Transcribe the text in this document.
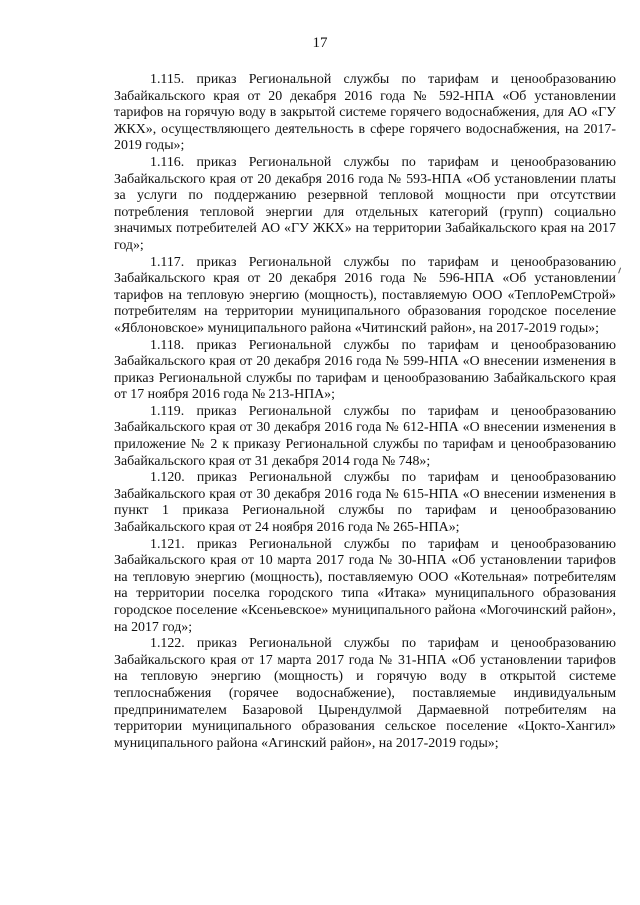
17

1.115. приказ Региональной службы по тарифам и ценообразованию Забайкальского края от 20 декабря 2016 года № 592-НПА «Об установлении тарифов на горячую воду в закрытой системе горячего водоснабжения, для АО «ГУ ЖКХ», осуществляющего деятельность в сфере горячего водоснабжения, на 2017-2019 годы»;

1.116. приказ Региональной службы по тарифам и ценообразованию Забайкальского края от 20 декабря 2016 года № 593-НПА «Об установлении платы за услуги по поддержанию резервной тепловой мощности при отсутствии потребления тепловой энергии для отдельных категорий (групп) социально значимых потребителей АО «ГУ ЖКХ» на территории Забайкальского края на 2017 год»;

1.117. приказ Региональной службы по тарифам и ценообразованию Забайкальского края от 20 декабря 2016 года № 596-НПА «Об установлении тарифов на тепловую энергию (мощность), поставляемую ООО «ТеплоРемСтрой» потребителям на территории муниципального образования городское поселение «Яблоновское» муниципального района «Читинский район», на 2017-2019 годы»;

1.118. приказ Региональной службы по тарифам и ценообразованию Забайкальского края от 20 декабря 2016 года № 599-НПА «О внесении изменения в приказ Региональной службы по тарифам и ценообразованию Забайкальского края от 17 ноября 2016 года № 213-НПА»;

1.119. приказ Региональной службы по тарифам и ценообразованию Забайкальского края от 30 декабря 2016 года № 612-НПА «О внесении изменения в приложение № 2 к приказу Региональной службы по тарифам и ценообразованию Забайкальского края от 31 декабря 2014 года № 748»;

1.120. приказ Региональной службы по тарифам и ценообразованию Забайкальского края от 30 декабря 2016 года № 615-НПА «О внесении изменения в пункт 1 приказа Региональной службы по тарифам и ценообразованию Забайкальского края от 24 ноября 2016 года № 265-НПА»;

1.121. приказ Региональной службы по тарифам и ценообразованию Забайкальского края от 10 марта 2017 года № 30-НПА «Об установлении тарифов на тепловую энергию (мощность), поставляемую ООО «Котельная» потребителям на территории поселка городского типа «Итака» муниципального образования городское поселение «Ксеньевское» муниципального района «Могочинский район», на 2017 год»;

1.122. приказ Региональной службы по тарифам и ценообразованию Забайкальского края от 17 марта 2017 года № 31-НПА «Об установлении тарифов на тепловую энергию (мощность) и горячую воду в открытой системе теплоснабжения (горячее водоснабжение), поставляемые индивидуальным предпринимателем Базаровой Цырендулмой Дармаевной потребителям на территории муниципального образования сельское поселение «Цокто-Хангил» муниципального района «Агинский район», на 2017-2019 годы»;
